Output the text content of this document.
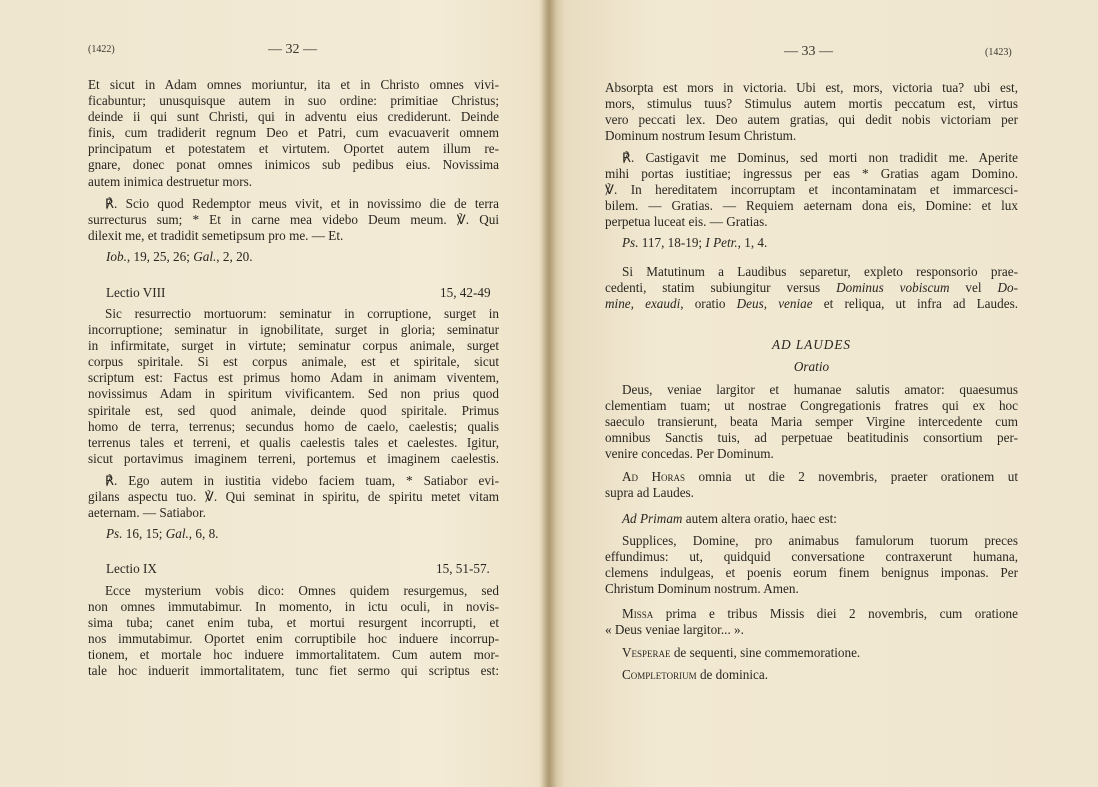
(1422)	— 32 —
Et sicut in Adam omnes moriuntur, ita et in Christo omnes vivi-
ficabuntur; unusquisque autem in suo ordine: primitiae Christus;
deinde ii qui sunt Christi, qui in adventu eius crediderunt. Deinde
finis, cum tradiderit regnum Deo et Patri, cum evacuaverit omnem
principatum et potestatem et virtutem. Oportet autem illum re-
gnare, donec ponat omnes inimicos sub pedibus eius. Novissima
autem inimica destruetur mors.
℟. Scio quod Redemptor meus vivit, et in novissimo die de terra
surrecturus sum; * Et in carne mea videbo Deum meum. ℣. Qui
dilexit me, et tradidit semetipsum pro me. — Et.
Iob., 19, 25, 26; Gal., 2, 20.
Lectio VIII	15, 42-49
Sic resurrectio mortuorum: seminatur in corruptione, surget in
incorruptione; seminatur in ignobilitate, surget in gloria; seminatur
in infirmitate, surget in virtute; seminatur corpus animale, surget
corpus spiritale. Si est corpus animale, est et spiritale, sicut
scriptum est: Factus est primus homo Adam in animam viventem,
novissimus Adam in spiritum vivificantem. Sed non prius quod
spiritale est, sed quod animale, deinde quod spiritale. Primus
homo de terra, terrenus; secundus homo de caelo, caelestis; qualis
terrenus tales et terreni, et qualis caelestis tales et caelestes. Igitur,
sicut portavimus imaginem terreni, portemus et imaginem caelestis.
℟. Ego autem in iustitia videbo faciem tuam, * Satiabor evi-
gilans aspectu tuo. ℣. Qui seminat in spiritu, de spiritu metet vitam
aeternam. — Satiabor.
Ps. 16, 15; Gal., 6, 8.
Lectio IX	15, 51-57.
Ecce mysterium vobis dico: Omnes quidem resurgemus, sed
non omnes immutabimur. In momento, in ictu oculi, in novis-
sima tuba; canet enim tuba, et mortui resurgent incorrupti, et
nos immutabimur. Oportet enim corruptibile hoc induere incorrup-
tionem, et mortale hoc induere immortalitatem. Cum autem mor-
tale hoc induerit immortalitatem, tunc fiet sermo qui scriptus est:
— 33 —	(1423)
Absorpta est mors in victoria. Ubi est, mors, victoria tua? ubi est,
mors, stimulus tuus? Stimulus autem mortis peccatum est, virtus
vero peccati lex. Deo autem gratias, qui dedit nobis victoriam per
Dominum nostrum Iesum Christum.
℟. Castigavit me Dominus, sed morti non tradidit me. Aperite
mihi portas iustitiae; ingressus per eas * Gratias agam Domino.
℣. In hereditatem incorruptam et incontaminatam et immarcesci-
bilem. — Gratias. — Requiem aeternam dona eis, Domine: et lux
perpetua luceat eis. — Gratias.
Ps. 117, 18-19; I Petr., 1, 4.
Si Matutinum a Laudibus separetur, expleto responsorio prae-
cedenti, statim subiungitur versus Dominus vobiscum vel Do-
mine, exaudi, oratio Deus, veniae et reliqua, ut infra ad Laudes.
AD LAUDES
Oratio
Deus, veniae largitor et humanae salutis amator: quaesumus
clementiam tuam; ut nostrae Congregationis fratres qui ex hoc
saeculo transierunt, beata Maria semper Virgine intercedente cum
omnibus Sanctis tuis, ad perpetuae beatitudinis consortium per-
venire concedas. Per Dominum.
Ad Horas omnia ut die 2 novembris, praeter orationem ut
supra ad Laudes.
Ad Primam autem altera oratio, haec est:
Supplices, Domine, pro animabus famulorum tuorum preces
effundimus: ut, quidquid conversatione contraxerunt humana,
clemens indulgeas, et poenis eorum finem benignus imponas. Per
Christum Dominum nostrum. Amen.
Missa prima e tribus Missis diei 2 novembris, cum oratione
« Deus veniae largitor... ».
Vesperae de sequenti, sine commemoratione.
Completorium de dominica.
